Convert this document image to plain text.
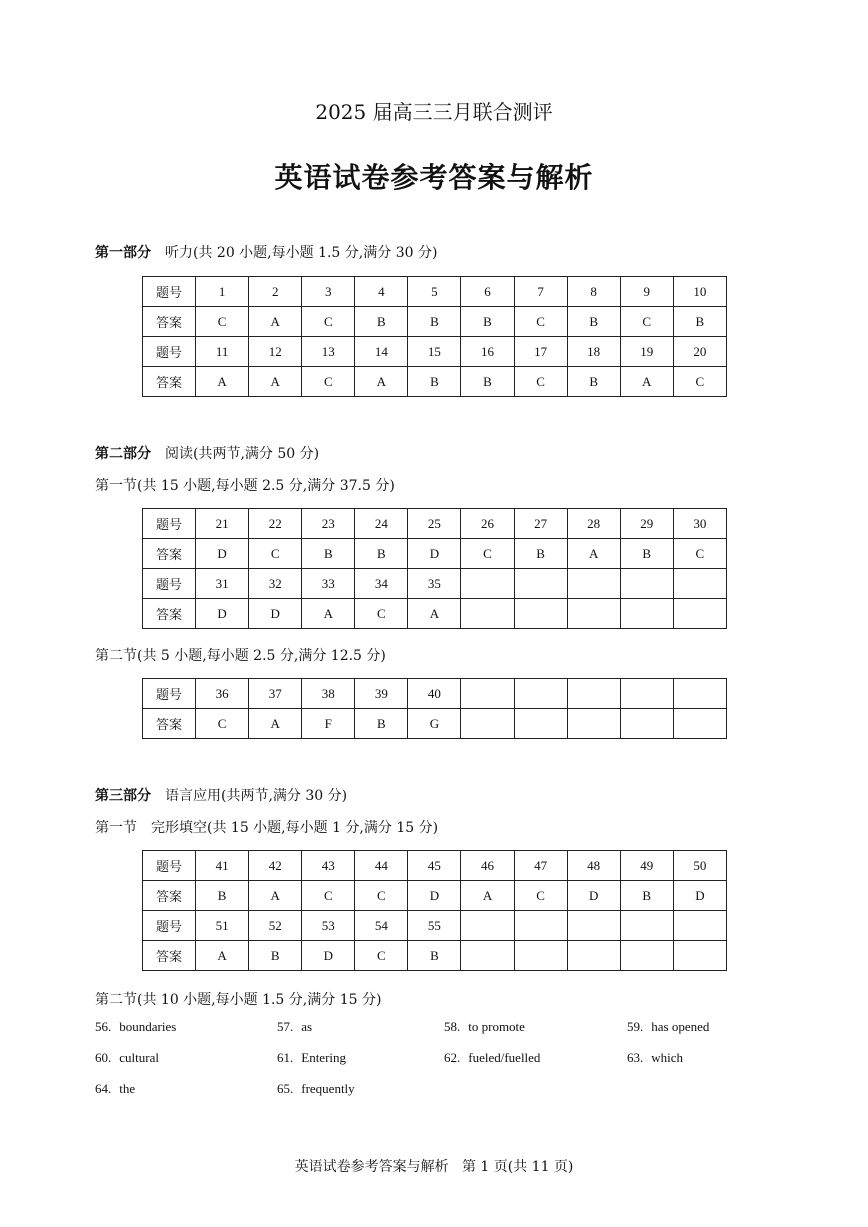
2025 届高三三月联合测评
英语试卷参考答案与解析
第一部分 听力(共 20 小题,每小题 1.5 分,满分 30 分)
题号	1	2	3	4	5	6	7	8	9	10
答案	C	A	C	B	B	B	C	B	C	B
题号	11	12	13	14	15	16	17	18	19	20
答案	A	A	C	A	B	B	C	B	A	C
第二部分 阅读(共两节,满分 50 分)
第一节(共 15 小题,每小题 2.5 分,满分 37.5 分)
题号	21	22	23	24	25	26	27	28	29	30
答案	D	C	B	B	D	C	B	A	B	C
题号	31	32	33	34	35					
答案	D	D	A	C	A					
第二节(共 5 小题,每小题 2.5 分,满分 12.5 分)
题号	36	37	38	39	40					
答案	C	A	F	B	G					
第三部分 语言应用(共两节,满分 30 分)
第一节 完形填空(共 15 小题,每小题 1 分,满分 15 分)
题号	41	42	43	44	45	46	47	48	49	50
答案	B	A	C	C	D	A	C	D	B	D
题号	51	52	53	54	55					
答案	A	B	D	C	B					
第二节(共 10 小题,每小题 1.5 分,满分 15 分)
56. boundaries	57. as	58. to promote	59. has opened
60. cultural	61. Entering	62. fueled/fuelled	63. which
64. the	65. frequently
英语试卷参考答案与解析   第 1 页(共 11 页)
